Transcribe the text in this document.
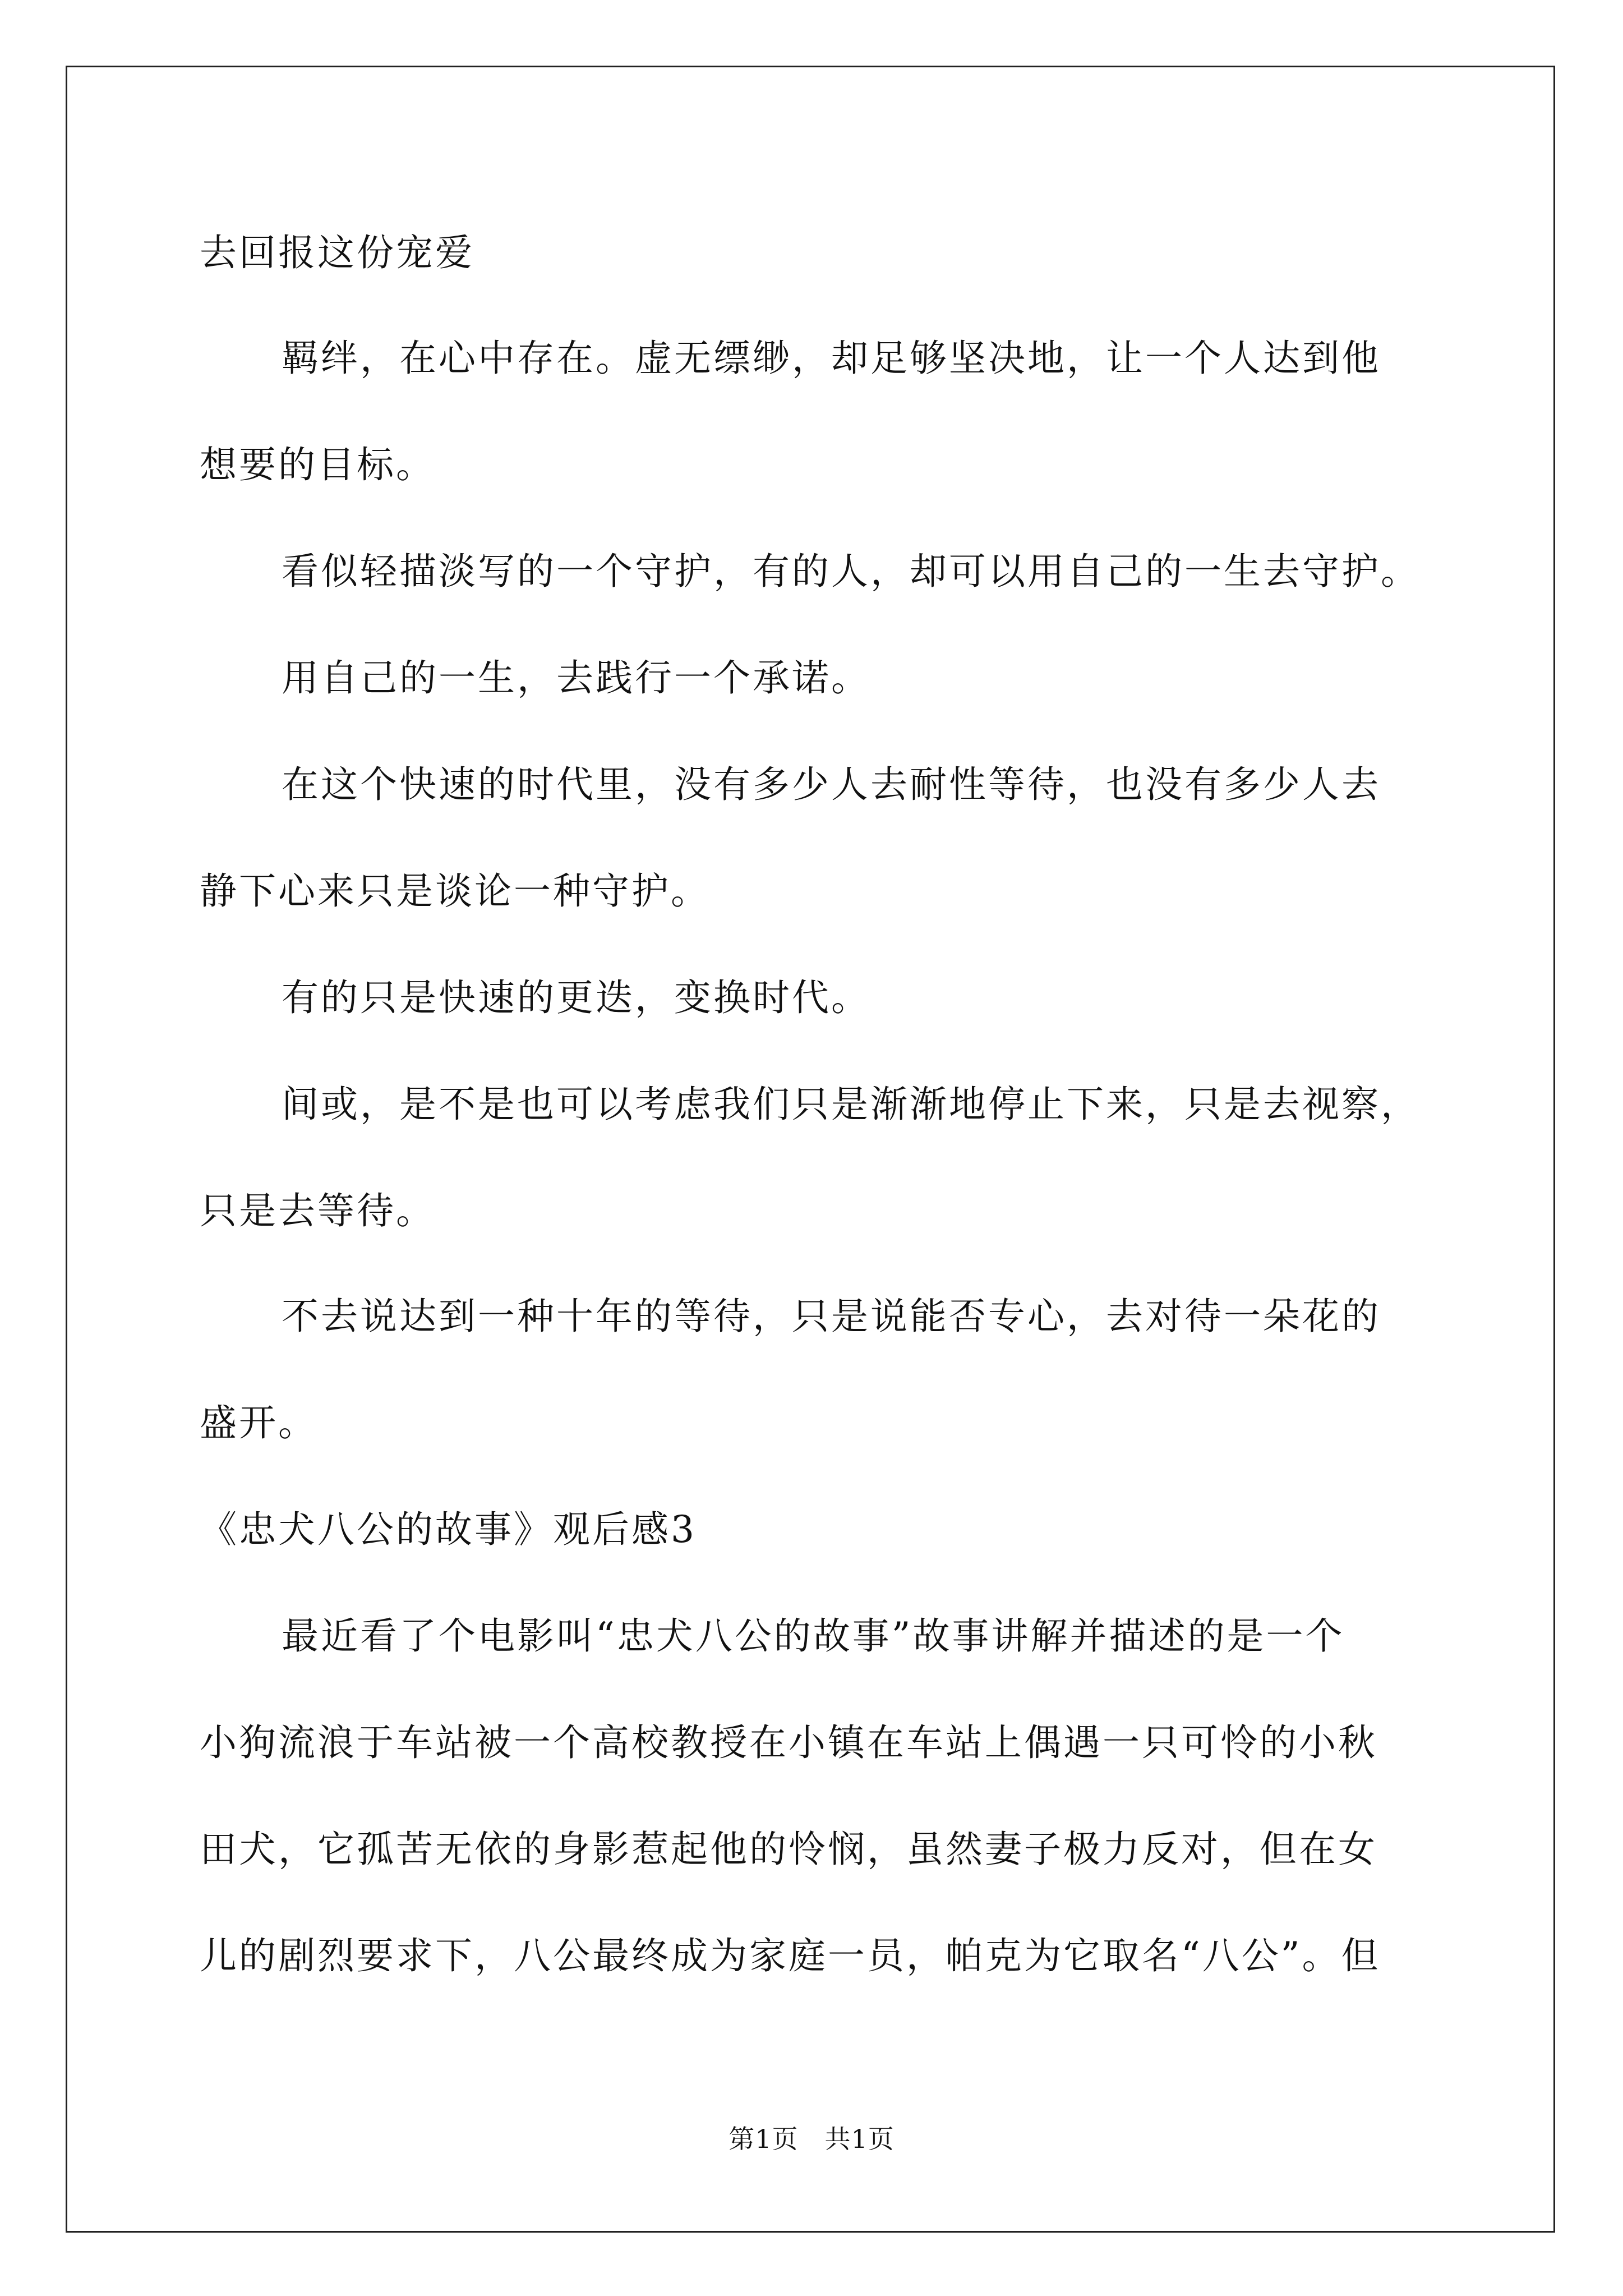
去回报这份宠爱
羁绊，在心中存在。虚无缥缈，却足够坚决地，让一个人达到他
想要的目标。
看似轻描淡写的一个守护，有的人，却可以用自己的一生去守护。
用自己的一生，去践行一个承诺。
在这个快速的时代里，没有多少人去耐性等待，也没有多少人去
静下心来只是谈论一种守护。
有的只是快速的更迭，变换时代。
间或，是不是也可以考虑我们只是渐渐地停止下来，只是去视察，
只是去等待。
不去说达到一种十年的等待，只是说能否专心，去对待一朵花的
盛开。
《忠犬八公的故事》观后感3
最近看了个电影叫“忠犬八公的故事”故事讲解并描述的是一个
小狗流浪于车站被一个高校教授在小镇在车站上偶遇一只可怜的小秋
田犬，它孤苦无依的身影惹起他的怜悯，虽然妻子极力反对，但在女
儿的剧烈要求下，八公最终成为家庭一员，帕克为它取名“八公”。但
第1页　共1页
